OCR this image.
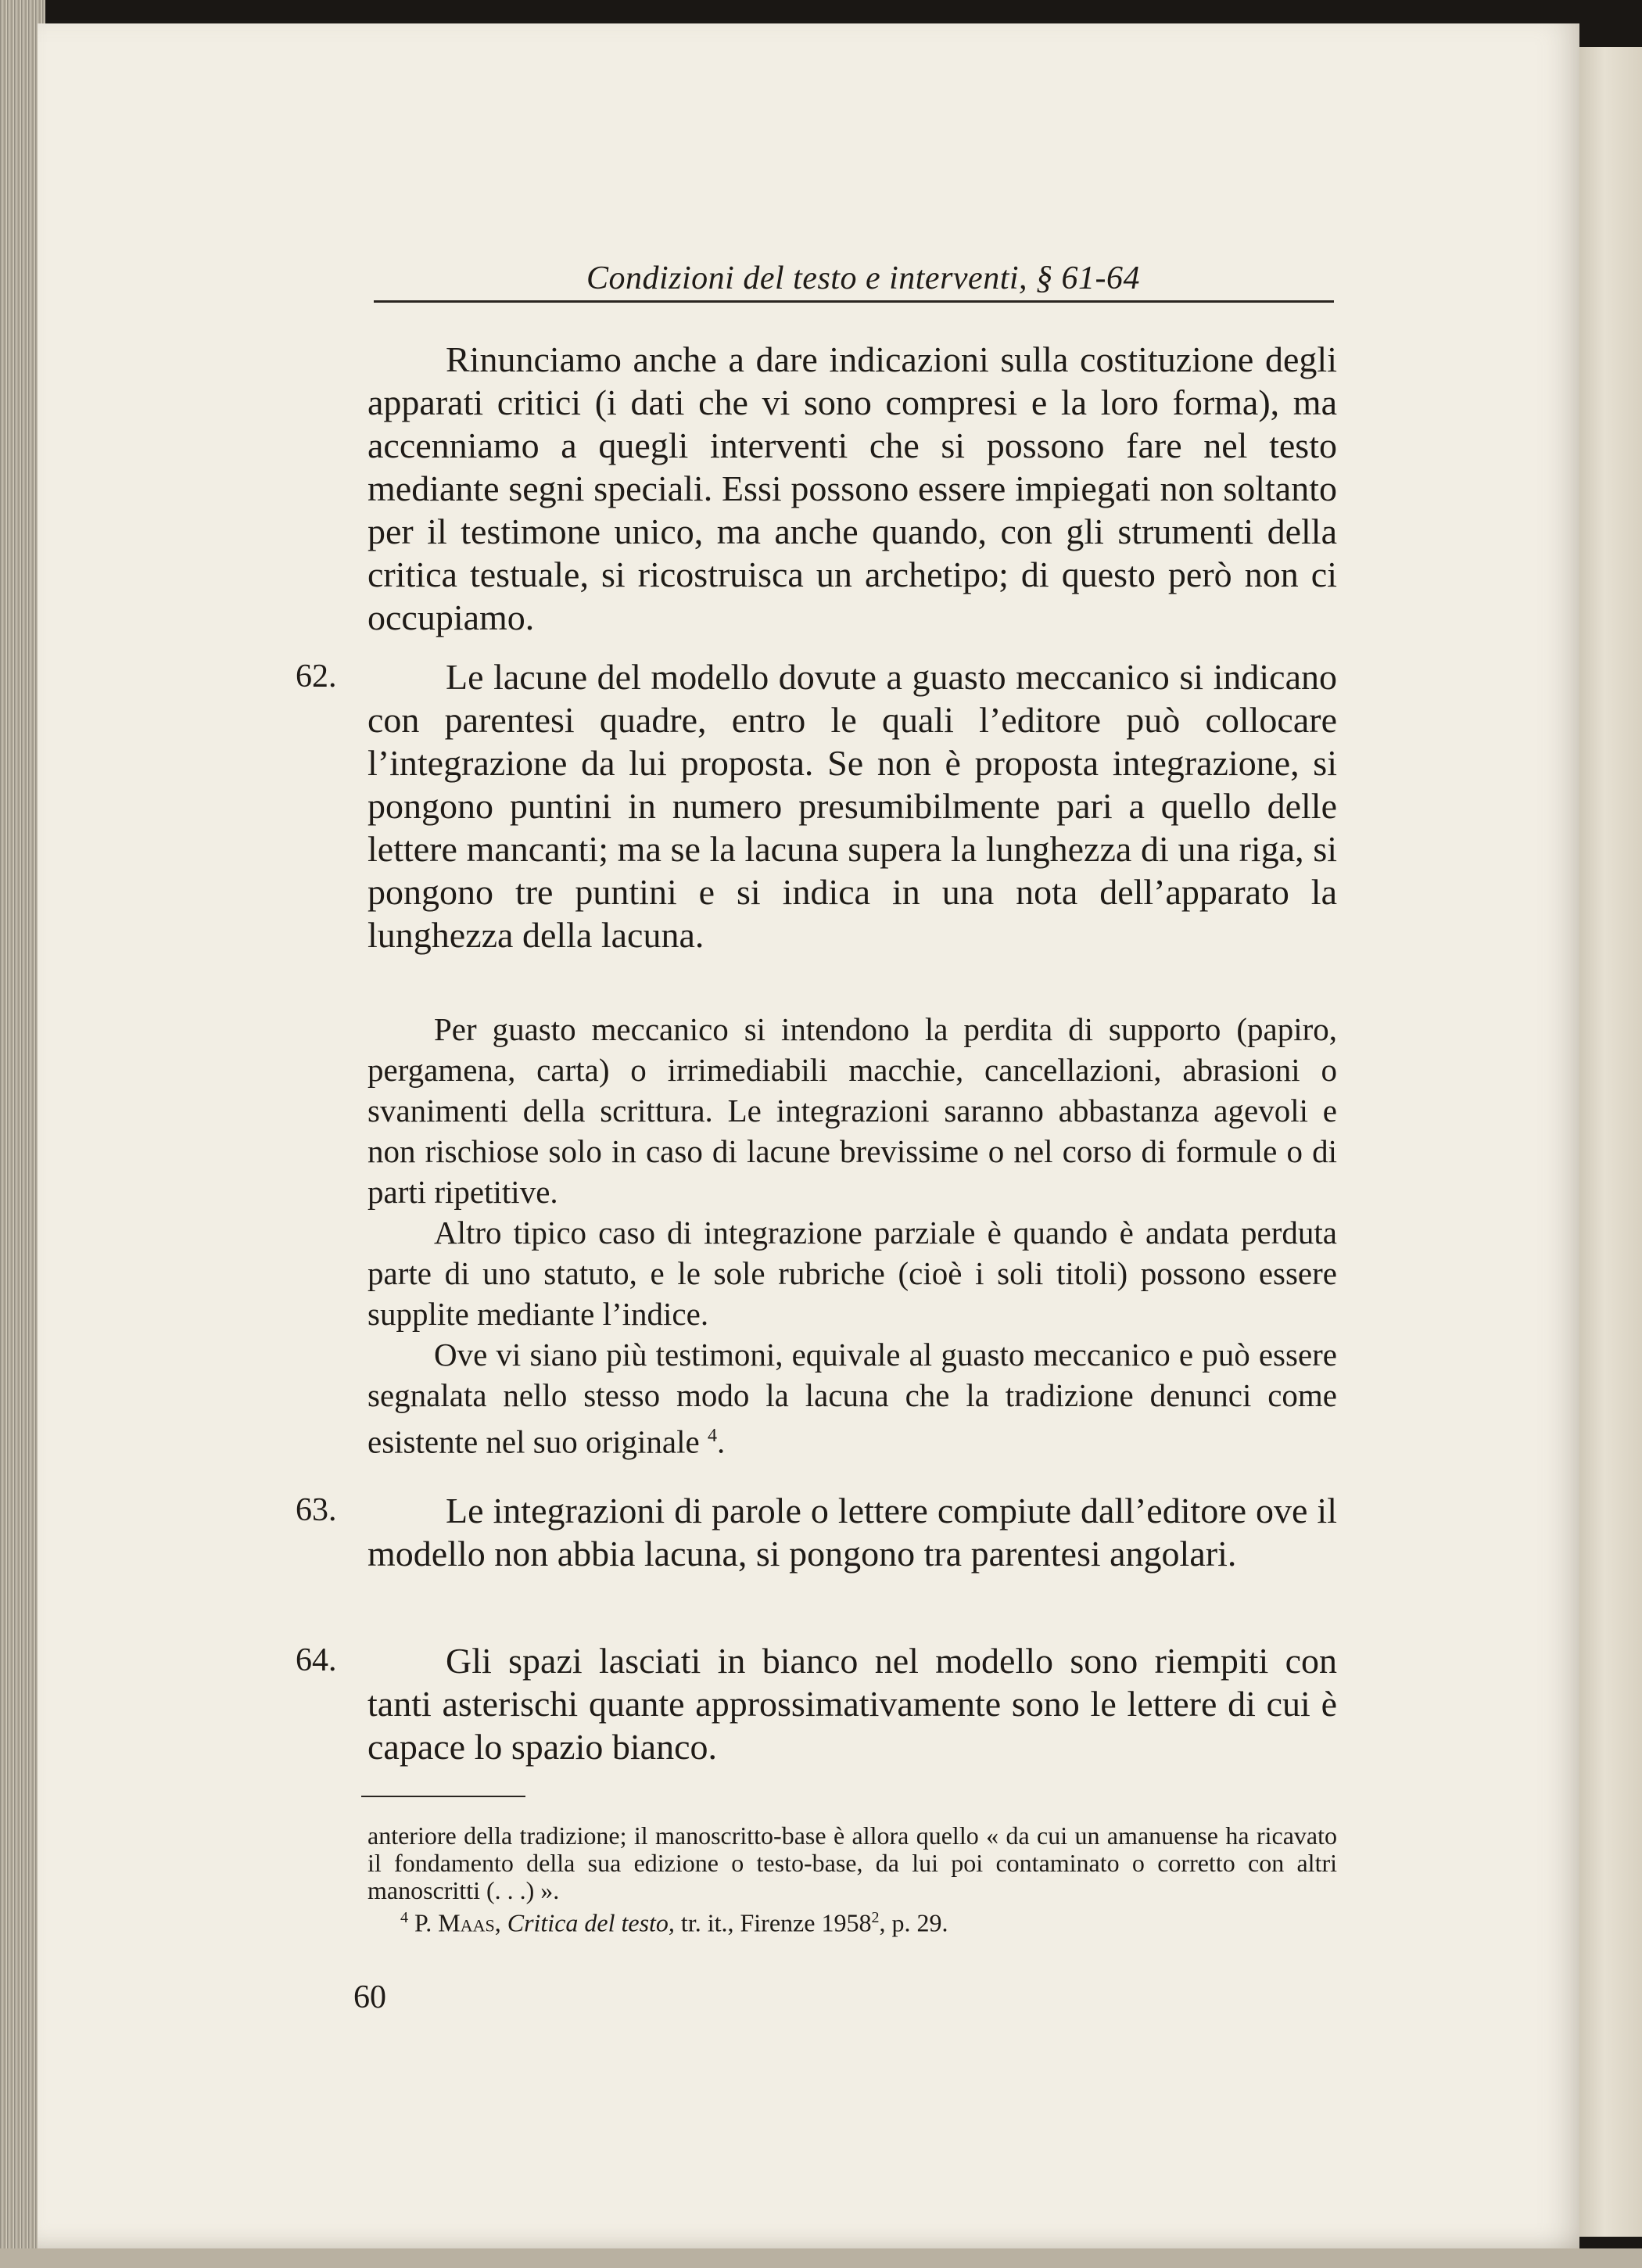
Condizioni del testo e interventi, § 61-64

Rinunciamo anche a dare indicazioni sulla costituzione degli apparati critici (i dati che vi sono compresi e la loro forma), ma accenniamo a quegli interventi che si possono fare nel testo mediante segni speciali. Essi possono essere impiegati non soltanto per il testimone unico, ma anche quando, con gli strumenti della critica testuale, si ricostruisca un archetipo; di questo però non ci occupiamo.

62.	Le lacune del modello dovute a guasto meccanico si indicano con parentesi quadre, entro le quali l’editore può collocare l’integrazione da lui proposta. Se non è proposta integrazione, si pongono puntini in numero presumibilmente pari a quello delle lettere mancanti; ma se la lacuna supera la lunghezza di una riga, si pongono tre puntini e si indica in una nota dell’apparato la lunghezza della lacuna.

Per guasto meccanico si intendono la perdita di supporto (papiro, pergamena, carta) o irrimediabili macchie, cancellazioni, abrasioni o svanimenti della scrittura. Le integrazioni saranno abbastanza agevoli e non rischiose solo in caso di lacune brevissime o nel corso di formule o di parti ripetitive.

Altro tipico caso di integrazione parziale è quando è andata perduta parte di uno statuto, e le sole rubriche (cioè i soli titoli) possono essere supplite mediante l’indice.

Ove vi siano più testimoni, equivale al guasto meccanico e può essere segnalata nello stesso modo la lacuna che la tradizione denunci come esistente nel suo originale $^4$.

63.	Le integrazioni di parole o lettere compiute dall’editore ove il modello non abbia lacuna, si pongono tra parentesi angolari.

64.	Gli spazi lasciati in bianco nel modello sono riempiti con tanti asterischi quante approssimativamente sono le lettere di cui è capace lo spazio bianco.

anteriore della tradizione; il manoscritto-base è allora quello « da cui un amanuense ha ricavato il fondamento della sua edizione o testo-base, da lui poi contaminato o corretto con altri manoscritti (. . .) ».

$^4$ P. Maas, Critica del testo, tr. it., Firenze 1958$^2$, p. 29.

60
